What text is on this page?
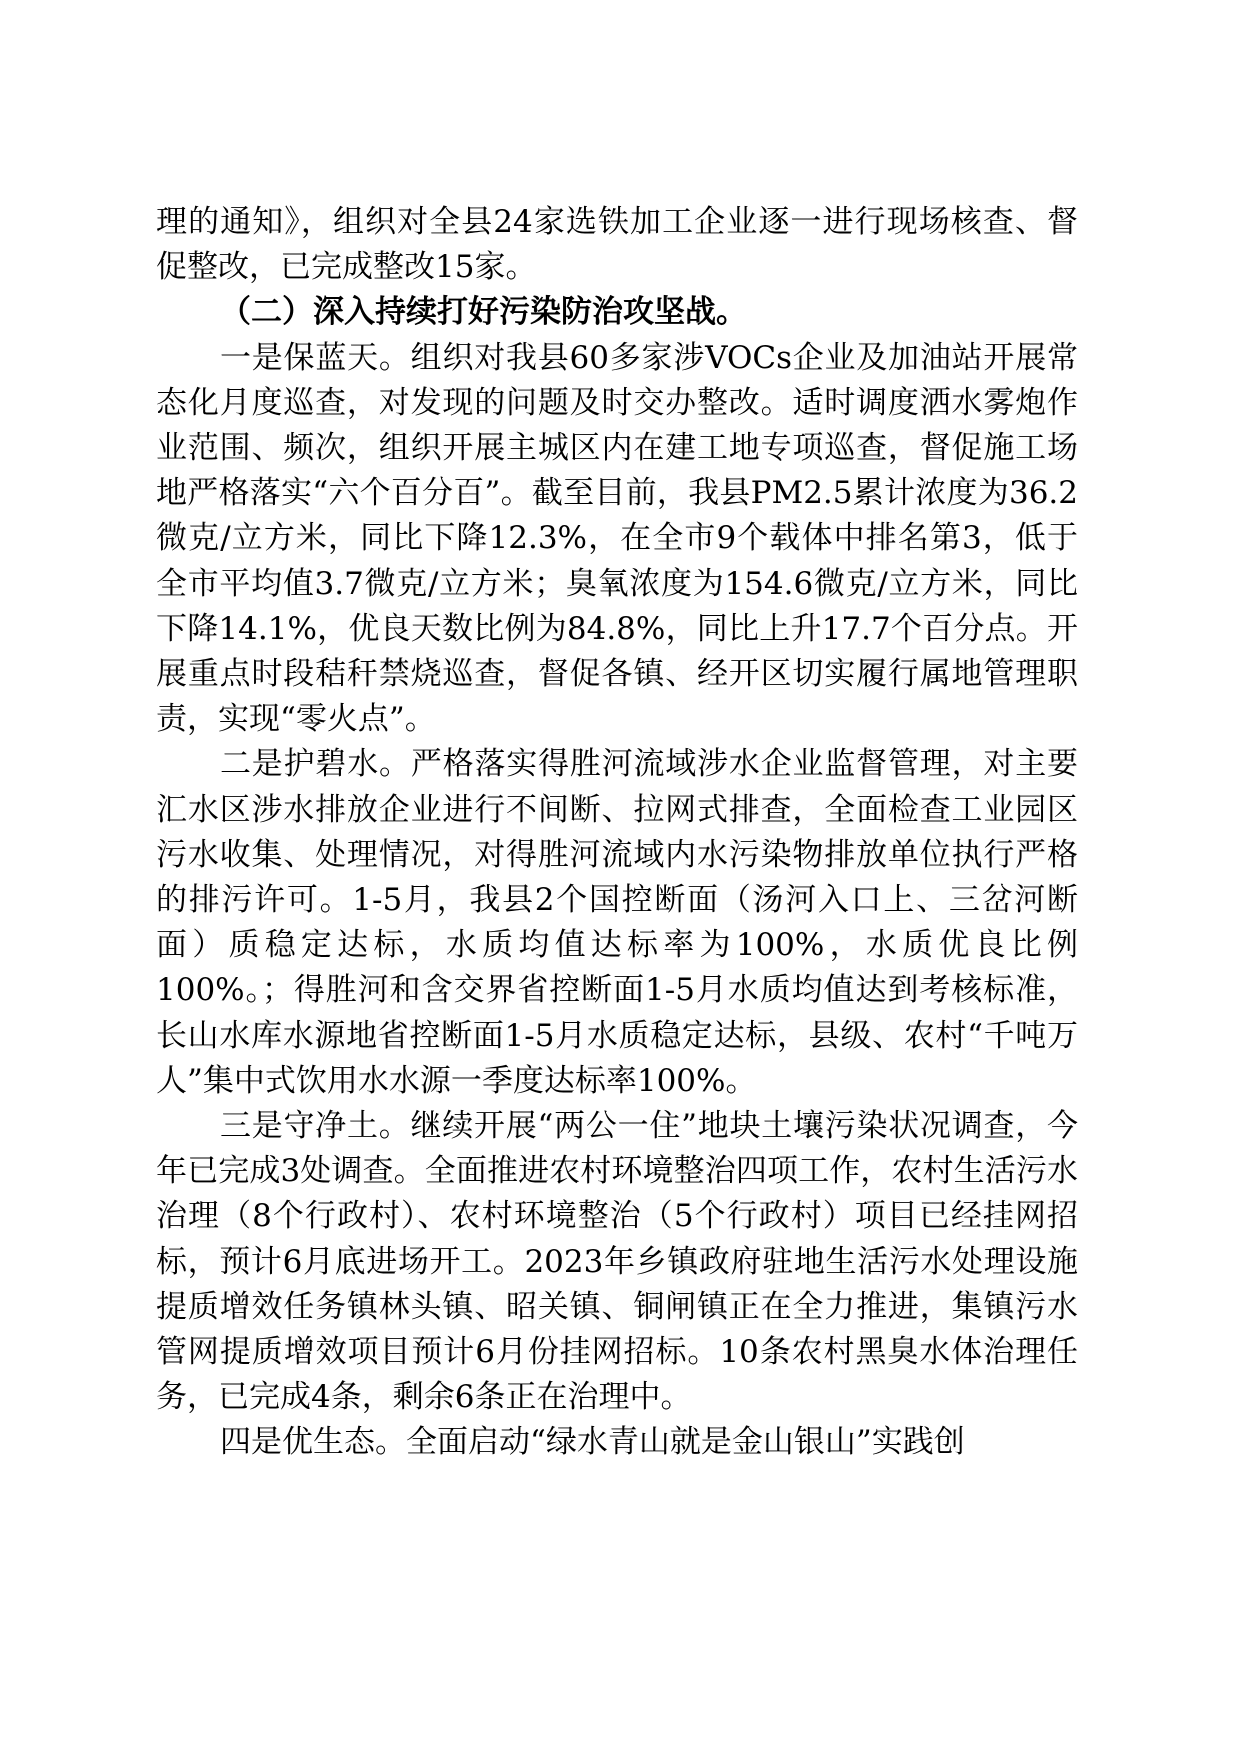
理的通知》，组织对全县24家选铁加工企业逐一进行现场核查、督促整改，已完成整改15家。

（二）深入持续打好污染防治攻坚战。

一是保蓝天。组织对我县60多家涉VOCs企业及加油站开展常态化月度巡查，对发现的问题及时交办整改。适时调度洒水雾炮作业范围、频次，组织开展主城区内在建工地专项巡查，督促施工场地严格落实“六个百分百”。截至目前，我县PM2.5累计浓度为36.2微克/立方米，同比下降12.3%，在全市9个载体中排名第3，低于全市平均值3.7微克/立方米；臭氧浓度为154.6微克/立方米，同比下降14.1%，优良天数比例为84.8%，同比上升17.7个百分点。开展重点时段秸秆禁烧巡查，督促各镇、经开区切实履行属地管理职责，实现“零火点”。

二是护碧水。严格落实得胜河流域涉水企业监督管理，对主要汇水区涉水排放企业进行不间断、拉网式排查，全面检查工业园区污水收集、处理情况，对得胜河流域内水污染物排放单位执行严格的排污许可。1-5月，我县2个国控断面（汤河入口上、三岔河断面）质稳定达标，水质均值达标率为100%，水质优良比例100%。；得胜河和含交界省控断面1-5月水质均值达到考核标准，长山水库水源地省控断面1-5月水质稳定达标，县级、农村“千吨万人”集中式饮用水水源一季度达标率100%。

三是守净土。继续开展“两公一住”地块土壤污染状况调查，今年已完成3处调查。全面推进农村环境整治四项工作，农村生活污水治理（8个行政村）、农村环境整治（5个行政村）项目已经挂网招标，预计6月底进场开工。2023年乡镇政府驻地生活污水处理设施提质增效任务镇林头镇、昭关镇、铜闸镇正在全力推进，集镇污水管网提质增效项目预计6月份挂网招标。10条农村黑臭水体治理任务，已完成4条，剩余6条正在治理中。

四是优生态。全面启动“绿水青山就是金山银山”实践创
